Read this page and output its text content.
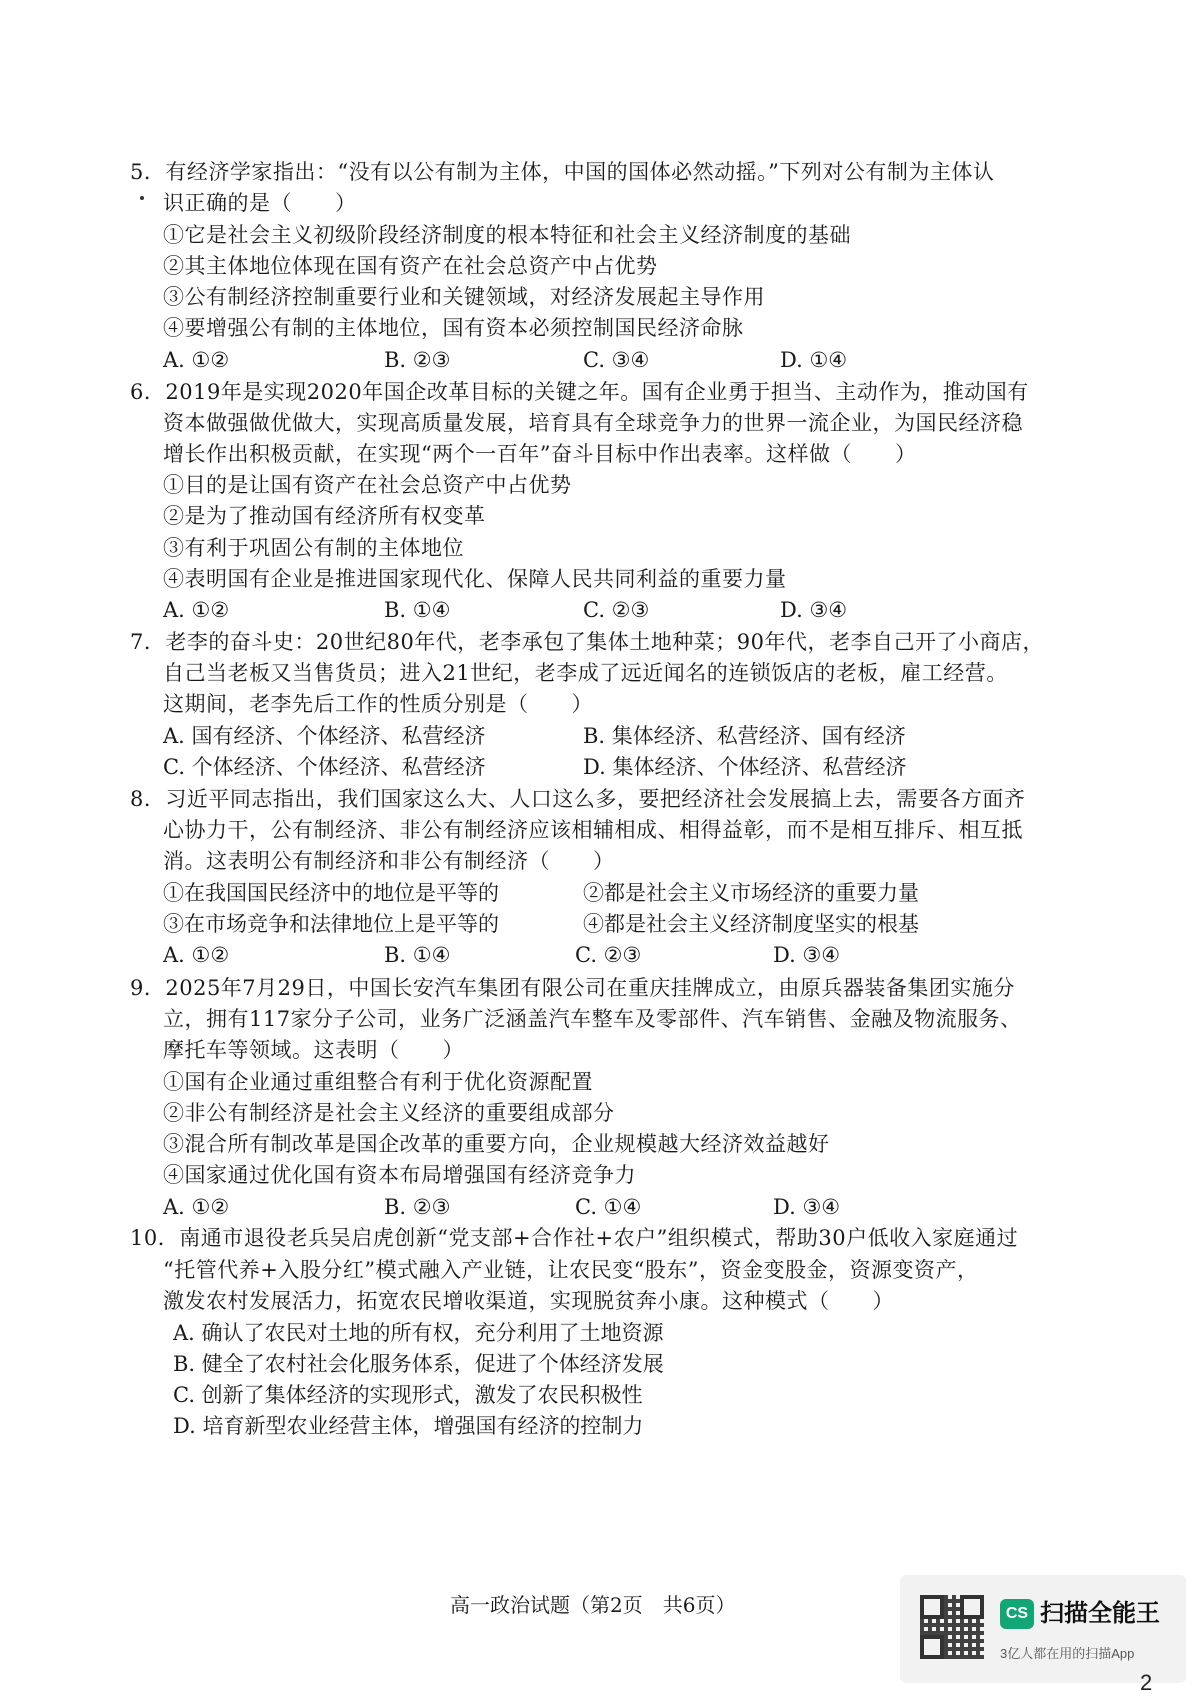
5．有经济学家指出：“没有以公有制为主体，中国的国体必然动摇。”下列对公有制为主体认
识正确的是（　　）
①它是社会主义初级阶段经济制度的根本特征和社会主义经济制度的基础
②其主体地位体现在国有资产在社会总资产中占优势
③公有制经济控制重要行业和关键领域，对经济发展起主导作用
④要增强公有制的主体地位，国有资本必须控制国民经济命脉
A. ①②	B. ②③	C. ③④	D. ①④
6．2019年是实现2020年国企改革目标的关键之年。国有企业勇于担当、主动作为，推动国有
资本做强做优做大，实现高质量发展，培育具有全球竞争力的世界一流企业，为国民经济稳
增长作出积极贡献，在实现“两个一百年”奋斗目标中作出表率。这样做（　　）
①目的是让国有资产在社会总资产中占优势
②是为了推动国有经济所有权变革
③有利于巩固公有制的主体地位
④表明国有企业是推进国家现代化、保障人民共同利益的重要力量
A. ①②	B. ①④	C. ②③	D. ③④
7．老李的奋斗史：20世纪80年代，老李承包了集体土地种菜；90年代，老李自己开了小商店，
自己当老板又当售货员；进入21世纪，老李成了远近闻名的连锁饭店的老板，雇工经营。
这期间，老李先后工作的性质分别是（　　）
A. 国有经济、个体经济、私营经济	B. 集体经济、私营经济、国有经济
C. 个体经济、个体经济、私营经济	D. 集体经济、个体经济、私营经济
8．习近平同志指出，我们国家这么大、人口这么多，要把经济社会发展搞上去，需要各方面齐
心协力干，公有制经济、非公有制经济应该相辅相成、相得益彰，而不是相互排斥、相互抵
消。这表明公有制经济和非公有制经济（　　）
①在我国国民经济中的地位是平等的	②都是社会主义市场经济的重要力量
③在市场竞争和法律地位上是平等的	④都是社会主义经济制度坚实的根基
A. ①②	B. ①④	C. ②③	D. ③④
9．2025年7月29日，中国长安汽车集团有限公司在重庆挂牌成立，由原兵器装备集团实施分
立，拥有117家分子公司，业务广泛涵盖汽车整车及零部件、汽车销售、金融及物流服务、
摩托车等领域。这表明（　　）
①国有企业通过重组整合有利于优化资源配置
②非公有制经济是社会主义经济的重要组成部分
③混合所有制改革是国企改革的重要方向，企业规模越大经济效益越好
④国家通过优化国有资本布局增强国有经济竞争力
A. ①②	B. ②③	C. ①④	D. ③④
10．南通市退役老兵吴启虎创新“党支部+合作社+农户”组织模式，帮助30户低收入家庭通过
“托管代养+入股分红”模式融入产业链，让农民变“股东”，资金变股金，资源变资产，
激发农村发展活力，拓宽农民增收渠道，实现脱贫奔小康。这种模式（　　）
A. 确认了农民对土地的所有权，充分利用了土地资源
B. 健全了农村社会化服务体系，促进了个体经济发展
C. 创新了集体经济的实现形式，激发了农民积极性
D. 培育新型农业经营主体，增强国有经济的控制力
高一政治试题（第2页　共6页）	CS 扫描全能王
3亿人都在用的扫描App
2
